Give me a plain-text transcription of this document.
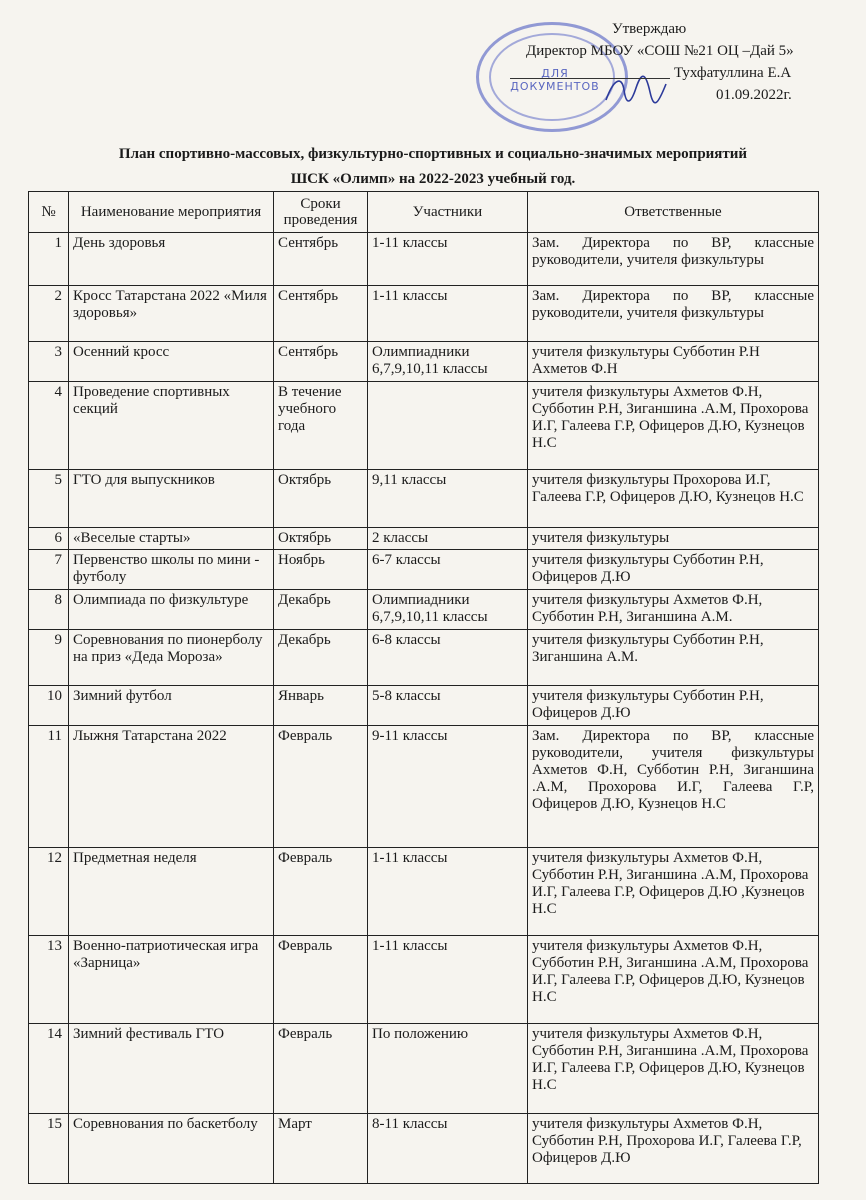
ДЛЯ
ДОКУМЕНТОВ
Утверждаю
Директор МБОУ «СОШ №21 ОЦ –Дай 5»
Тухфатуллина Е.А
01.09.2022г.
План спортивно-массовых, физкультурно-спортивных и социально-значимых мероприятий
ШСК «Олимп» на 2022-2023 учебный год.
№	Наименование мероприятия	Сроки проведения	Участники	Ответственные
1	День здоровья	Сентябрь	1-11 классы	Зам. Директора по ВР, классные руководители, учителя физкультуры
2	Кросс Татарстана 2022 «Миля здоровья»	Сентябрь	1-11 классы	Зам. Директора по ВР, классные руководители, учителя физкультуры
3	Осенний кросс	Сентябрь	Олимпиадники 6,7,9,10,11 классы	учителя физкультуры Субботин Р.Н Ахметов Ф.Н
4	Проведение спортивных секций	В течение учебного года		учителя физкультуры Ахметов Ф.Н, Субботин Р.Н, Зиганшина .А.М, Прохорова И.Г, Галеева Г.Р, Офицеров Д.Ю, Кузнецов Н.С
5	ГТО для выпускников	Октябрь	9,11 классы	учителя физкультуры Прохорова И.Г, Галеева Г.Р, Офицеров Д.Ю, Кузнецов Н.С
6	«Веселые старты»	Октябрь	2 классы	учителя физкультуры
7	Первенство школы по мини - футболу	Ноябрь	6-7 классы	учителя физкультуры Субботин Р.Н, Офицеров Д.Ю
8	Олимпиада по физкультуре	Декабрь	Олимпиадники 6,7,9,10,11 классы	учителя физкультуры Ахметов Ф.Н, Субботин Р.Н, Зиганшина А.М.
9	Соревнования по пионерболу на приз «Деда Мороза»	Декабрь	6-8 классы	учителя физкультуры Субботин Р.Н, Зиганшина А.М.
10	Зимний футбол	Январь	5-8 классы	учителя физкультуры Субботин Р.Н, Офицеров Д.Ю
11	Лыжня Татарстана 2022	Февраль	9-11 классы	Зам. Директора по ВР, классные руководители, учителя физкультуры Ахметов Ф.Н, Субботин Р.Н, Зиганшина .А.М, Прохорова И.Г, Галеева Г.Р, Офицеров Д.Ю, Кузнецов Н.С
12	Предметная неделя	Февраль	1-11 классы	учителя физкультуры Ахметов Ф.Н, Субботин Р.Н, Зиганшина .А.М, Прохорова И.Г, Галеева Г.Р, Офицеров Д.Ю ,Кузнецов Н.С
13	Военно-патриотическая игра «Зарница»	Февраль	1-11 классы	учителя физкультуры Ахметов Ф.Н, Субботин Р.Н, Зиганшина .А.М, Прохорова И.Г, Галеева Г.Р, Офицеров Д.Ю, Кузнецов Н.С
14	Зимний фестиваль ГТО	Февраль	По положению	учителя физкультуры Ахметов Ф.Н, Субботин Р.Н, Зиганшина .А.М, Прохорова И.Г, Галеева Г.Р, Офицеров Д.Ю, Кузнецов Н.С
15	Соревнования по баскетболу	Март	8-11 классы	учителя физкультуры Ахметов Ф.Н, Субботин Р.Н, Прохорова И.Г, Галеева Г.Р, Офицеров Д.Ю
